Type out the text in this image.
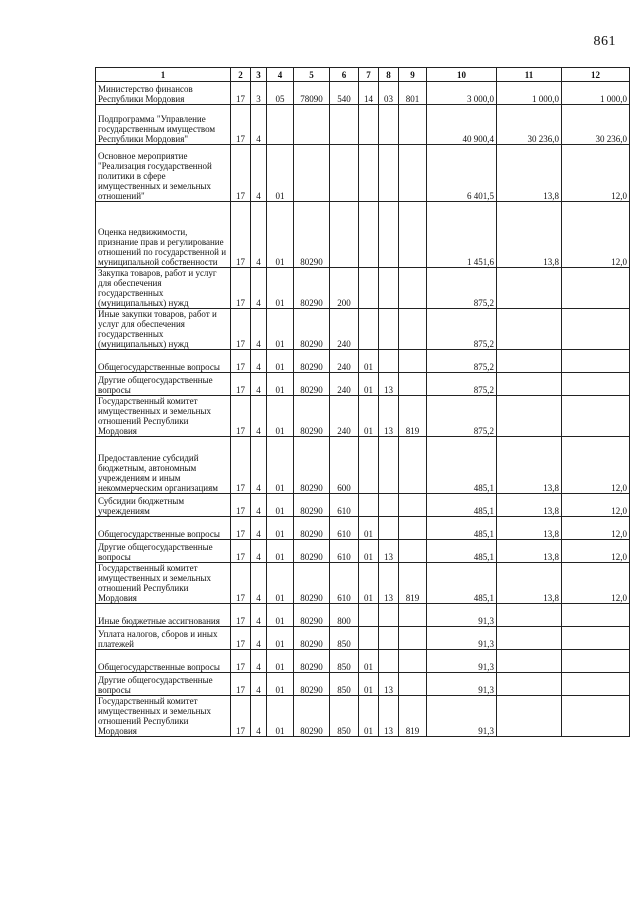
861
1	2	3	4	5	6	7	8	9	10	11	12
Министерство финансов Республики Мордовия	17	3	05	78090	540	14	03	801	3 000,0	1 000,0	1 000,0
Подпрограмма "Управление государственным имуществом Республики Мордовия"	17	4							40 900,4	30 236,0	30 236,0
Основное мероприятие "Реализация государственной политики в сфере имущественных и земельных отношений"	17	4	01						6 401,5	13,8	12,0
Оценка недвижимости, признание прав и регулирование отношений по государственной и муниципальной собственности	17	4	01	80290					1 451,6	13,8	12,0
Закупка товаров, работ и услуг для обеспечения государственных (муниципальных) нужд	17	4	01	80290	200				875,2		
Иные закупки товаров, работ и услуг для обеспечения государственных (муниципальных) нужд	17	4	01	80290	240				875,2		
Общегосударственные вопросы	17	4	01	80290	240	01			875,2		
Другие общегосударственные вопросы	17	4	01	80290	240	01	13		875,2		
Государственный комитет имущественных и земельных отношений Республики Мордовия	17	4	01	80290	240	01	13	819	875,2		
Предоставление субсидий бюджетным, автономным учреждениям и иным некоммерческим организациям	17	4	01	80290	600				485,1	13,8	12,0
Субсидии бюджетным учреждениям	17	4	01	80290	610				485,1	13,8	12,0
Общегосударственные вопросы	17	4	01	80290	610	01			485,1	13,8	12,0
Другие общегосударственные вопросы	17	4	01	80290	610	01	13		485,1	13,8	12,0
Государственный комитет имущественных и земельных отношений Республики Мордовия	17	4	01	80290	610	01	13	819	485,1	13,8	12,0
Иные бюджетные ассигнования	17	4	01	80290	800				91,3		
Уплата налогов, сборов и иных платежей	17	4	01	80290	850				91,3		
Общегосударственные вопросы	17	4	01	80290	850	01			91,3		
Другие общегосударственные вопросы	17	4	01	80290	850	01	13		91,3		
Государственный комитет имущественных и земельных отношений Республики Мордовия	17	4	01	80290	850	01	13	819	91,3		
